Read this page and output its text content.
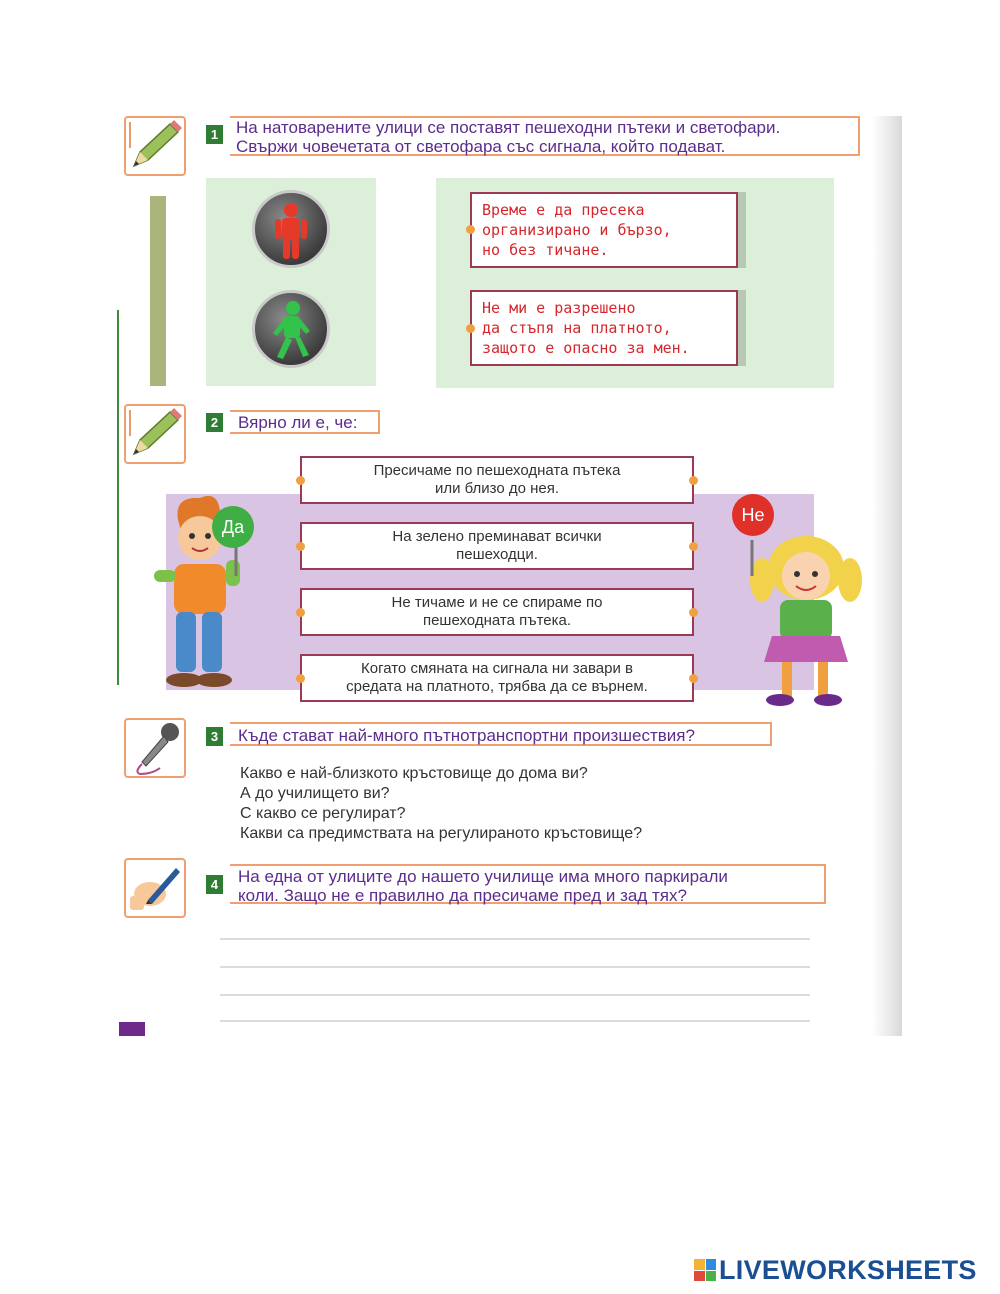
1 На натоварените улици се поставят пешеходни пътеки и светофари.
Свържи човечетата от светофара със сигнала, който подават.
Време е да пресека
организирано и бързо,
но без тичане.
Не ми е разрешено
да стъпя на платното,
защото е опасно за мен.
2 Вярно ли е, че:
Да
Не
Пресичаме по пешеходната пътека
или близо до нея.
На зелено преминават всички
пешеходци.
Не тичаме и не се спираме по
пешеходната пътека.
Когато смяната на сигнала ни завари в
средата на платното, трябва да се върнем.
3 Къде стават най-много пътнотранспортни произшествия?
Какво е най-близкото кръстовище до дома ви?
А до училището ви?
С какво се регулират?
Какви са предимствата на регулираното кръстовище?
4 На една от улиците до нашето училище има много паркирали
коли. Защо не е правилно да пресичаме пред и зад тях?
LIVEWORKSHEETS
